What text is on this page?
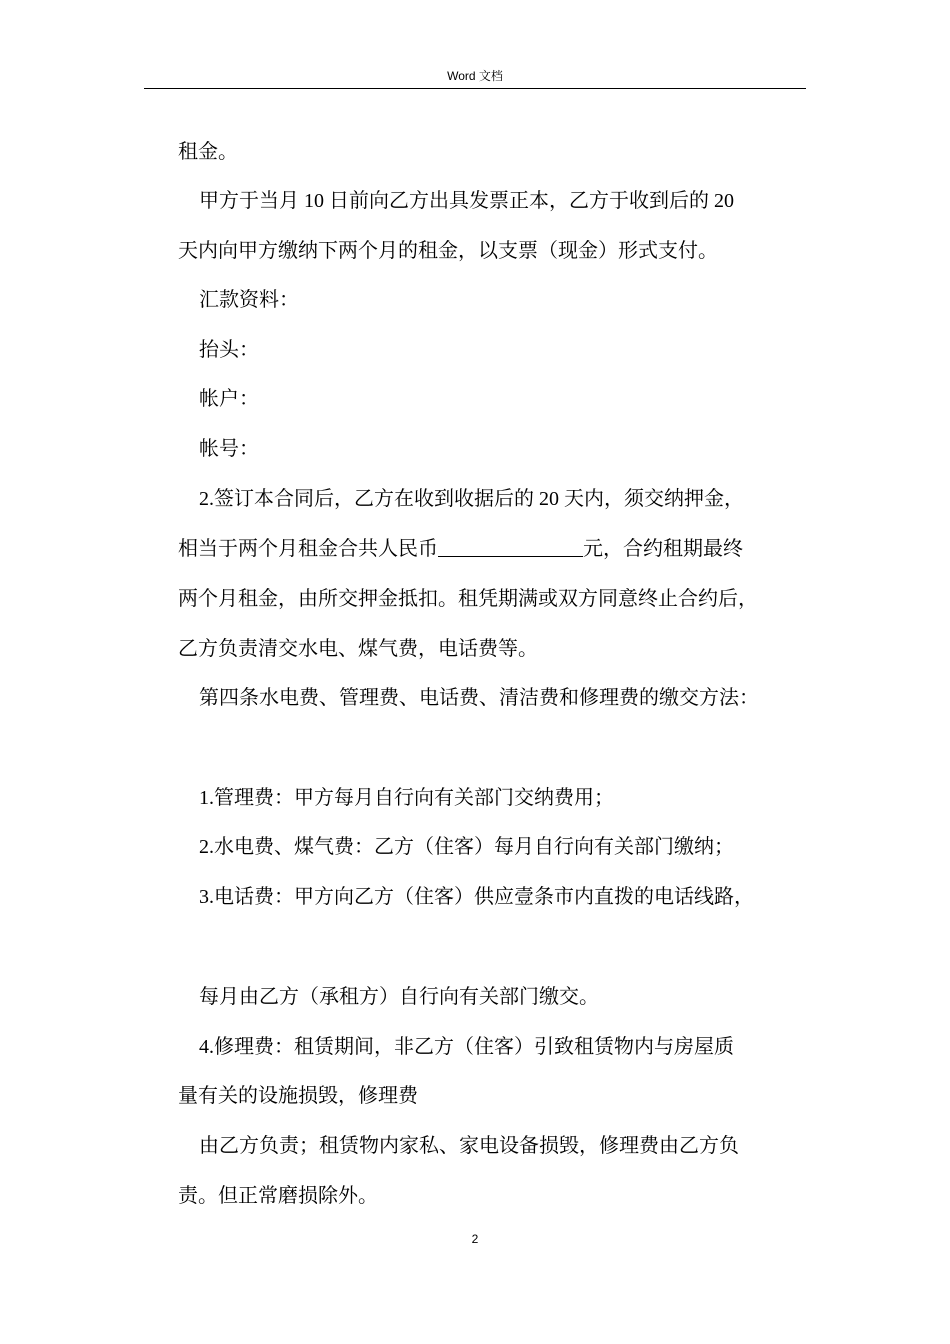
Word 文档
租金。
甲方于当月 10 日前向乙方出具发票正本，乙方于收到后的 20
天内向甲方缴纳下两个月的租金，以支票（现金）形式支付。
汇款资料：
抬头：
帐户：
帐号：
2.签订本合同后，乙方在收到收据后的 20 天内，须交纳押金，
相当于两个月租金合共人民币	元，合约租期最终
两个月租金，由所交押金抵扣。租凭期满或双方同意终止合约后，
乙方负责清交水电、煤气费，电话费等。
第四条水电费、管理费、电话费、清洁费和修理费的缴交方法：
1.管理费：甲方每月自行向有关部门交纳费用；
2.水电费、煤气费：乙方（住客）每月自行向有关部门缴纳；
3.电话费：甲方向乙方（住客）供应壹条市内直拨的电话线路，
每月由乙方（承租方）自行向有关部门缴交。
4.修理费：租赁期间，非乙方（住客）引致租赁物内与房屋质
量有关的设施损毁，修理费
由乙方负责；租赁物内家私、家电设备损毁，修理费由乙方负
责。但正常磨损除外。
2
